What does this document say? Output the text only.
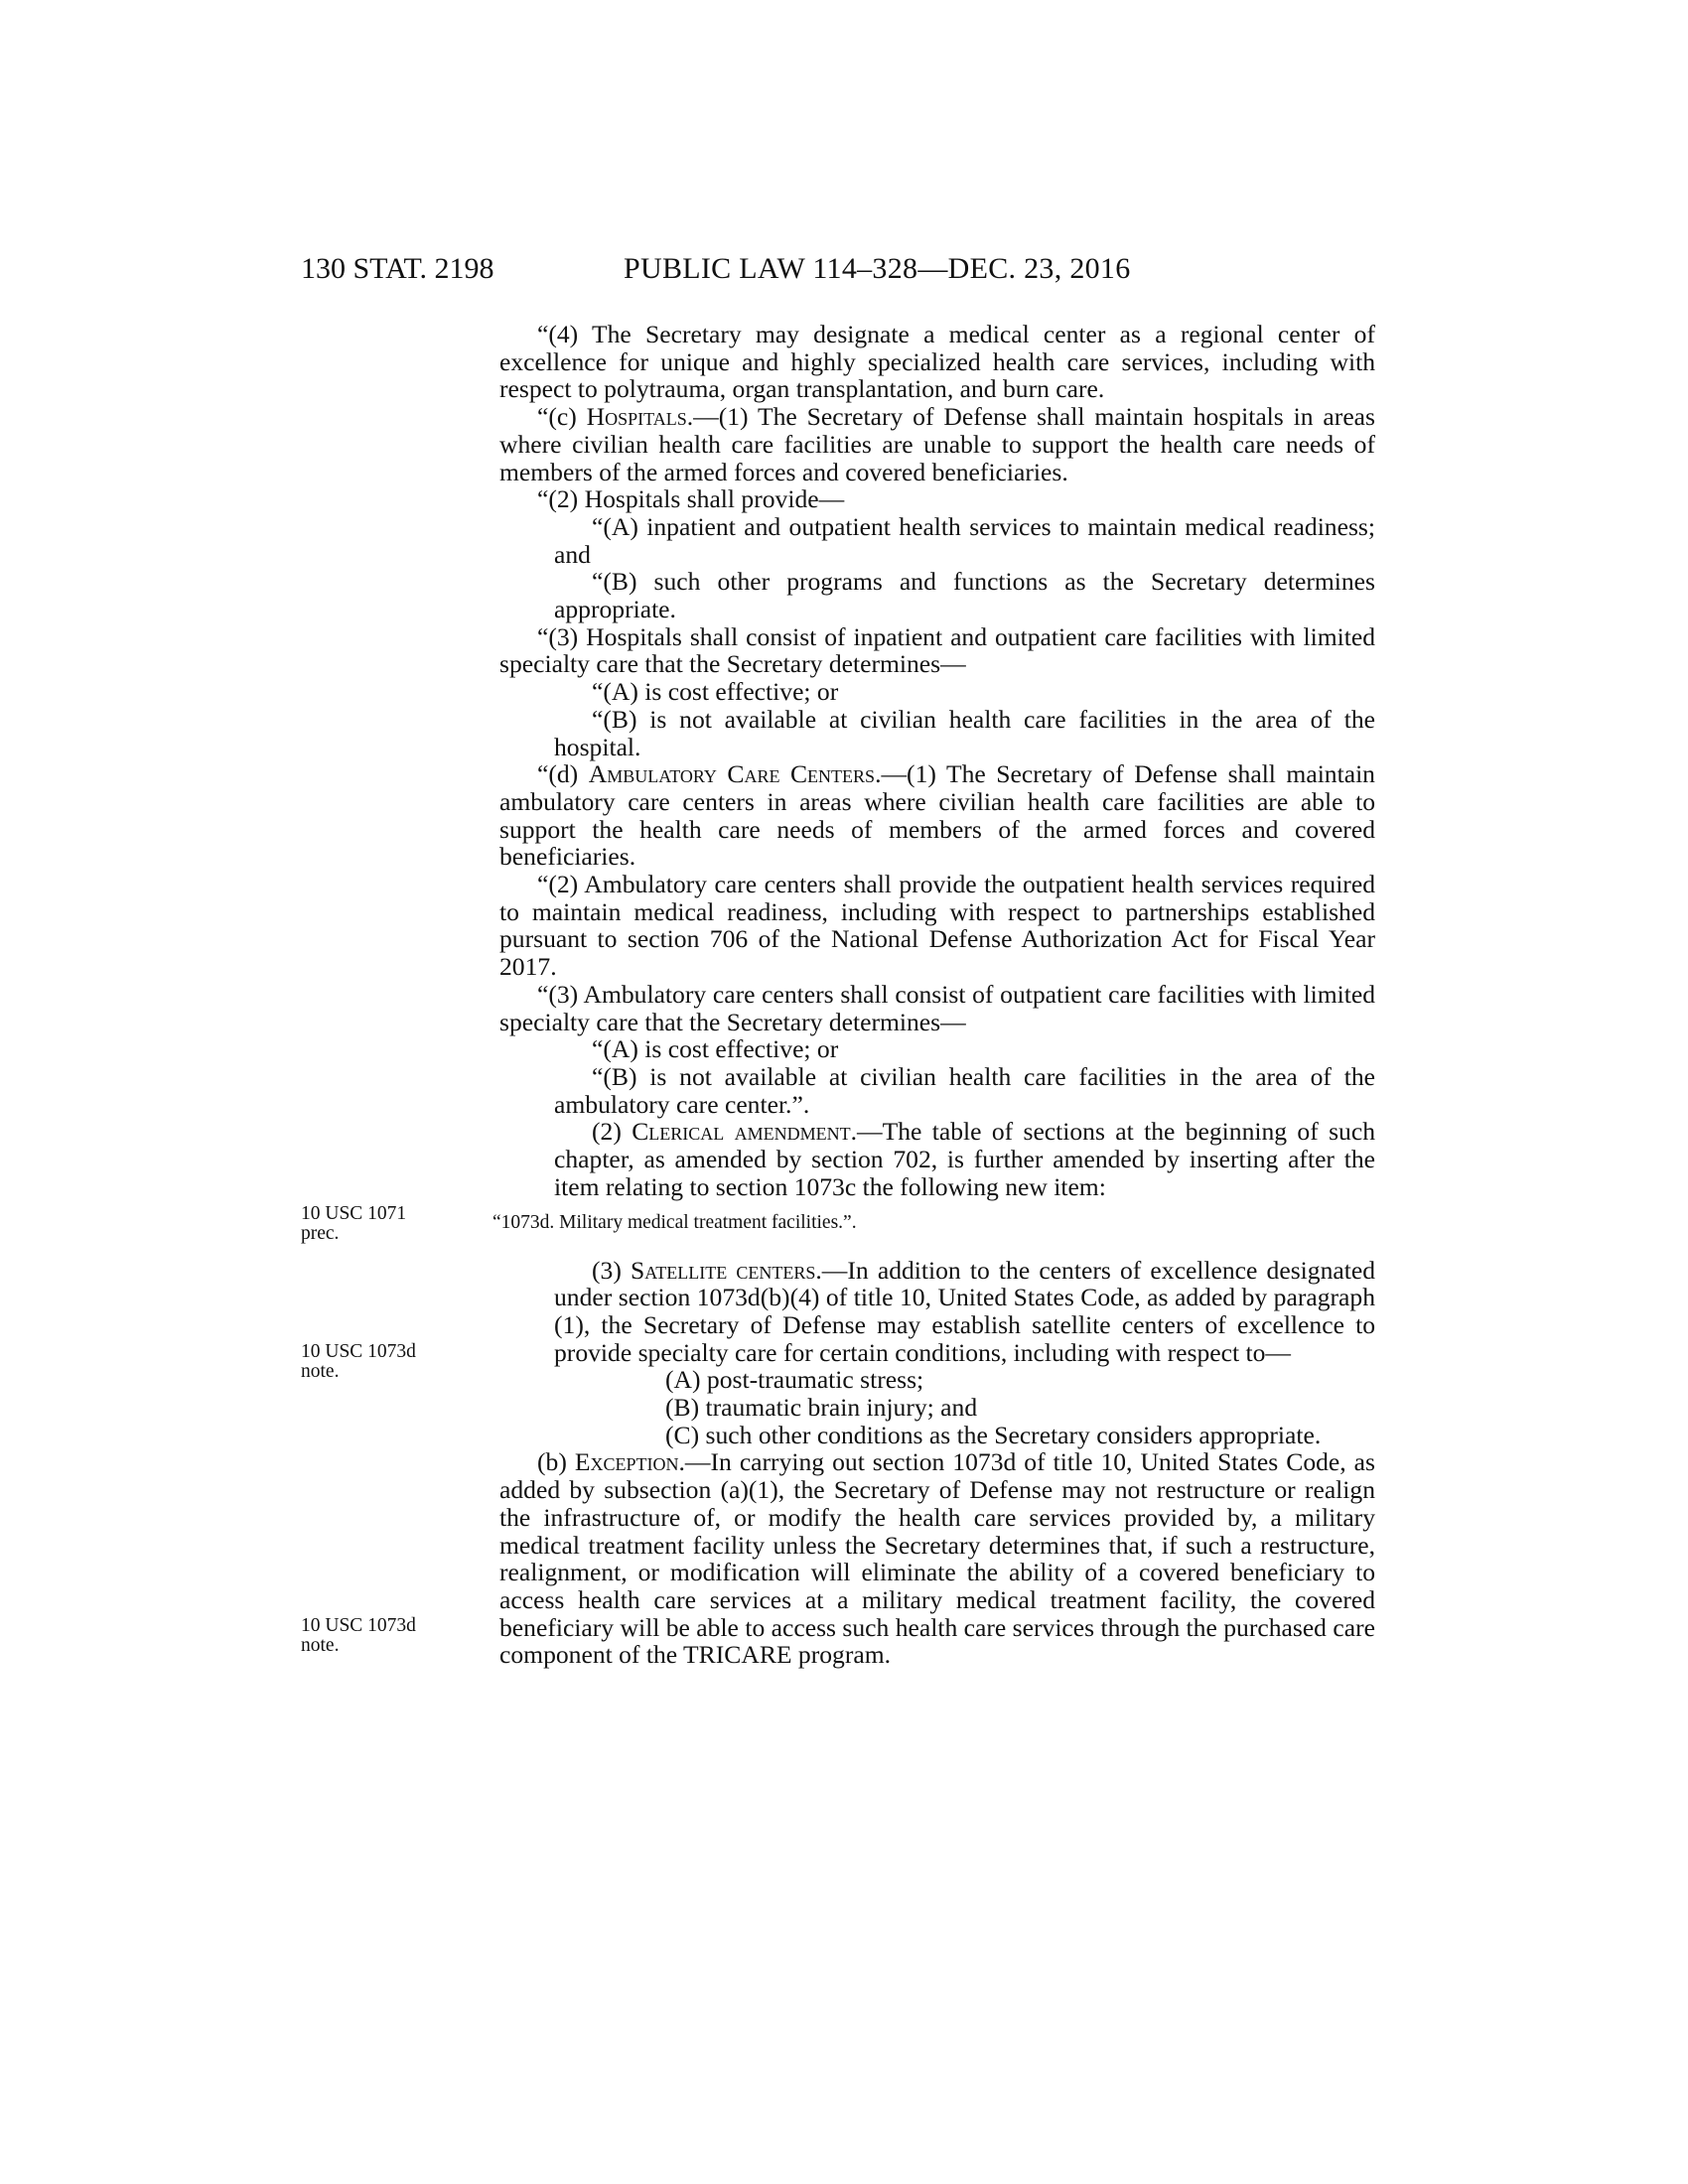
130 STAT. 2198	PUBLIC LAW 114–328—DEC. 23, 2016

“(4) The Secretary may designate a medical center as a regional center of excellence for unique and highly specialized health care services, including with respect to polytrauma, organ transplantation, and burn care.

“(c) Hospitals.—(1) The Secretary of Defense shall maintain hospitals in areas where civilian health care facilities are unable to support the health care needs of members of the armed forces and covered beneficiaries.

“(2) Hospitals shall provide—

“(A) inpatient and outpatient health services to maintain medical readiness; and

“(B) such other programs and functions as the Secretary determines appropriate.

“(3) Hospitals shall consist of inpatient and outpatient care facilities with limited specialty care that the Secretary determines—

“(A) is cost effective; or

“(B) is not available at civilian health care facilities in the area of the hospital.

“(d) Ambulatory Care Centers.—(1) The Secretary of Defense shall maintain ambulatory care centers in areas where civilian health care facilities are able to support the health care needs of members of the armed forces and covered beneficiaries.

“(2) Ambulatory care centers shall provide the outpatient health services required to maintain medical readiness, including with respect to partnerships established pursuant to section 706 of the National Defense Authorization Act for Fiscal Year 2017.

“(3) Ambulatory care centers shall consist of outpatient care facilities with limited specialty care that the Secretary determines—

“(A) is cost effective; or

“(B) is not available at civilian health care facilities in the area of the ambulatory care center.”.

(2) Clerical amendment.—The table of sections at the beginning of such chapter, as amended by section 702, is further amended by inserting after the item relating to section 1073c the following new item:

“1073d. Military medical treatment facilities.”.

(3) Satellite centers.—In addition to the centers of excellence designated under section 1073d(b)(4) of title 10, United States Code, as added by paragraph (1), the Secretary of Defense may establish satellite centers of excellence to provide specialty care for certain conditions, including with respect to—

(A) post-traumatic stress;

(B) traumatic brain injury; and

(C) such other conditions as the Secretary considers appropriate.

(b) Exception.—In carrying out section 1073d of title 10, United States Code, as added by subsection (a)(1), the Secretary of Defense may not restructure or realign the infrastructure of, or modify the health care services provided by, a military medical treatment facility unless the Secretary determines that, if such a restructure, realignment, or modification will eliminate the ability of a covered beneficiary to access health care services at a military medical treatment facility, the covered beneficiary will be able to access such health care services through the purchased care component of the TRICARE program.

10 USC 1071
prec.
10 USC 1073d
note.
10 USC 1073d
note.
